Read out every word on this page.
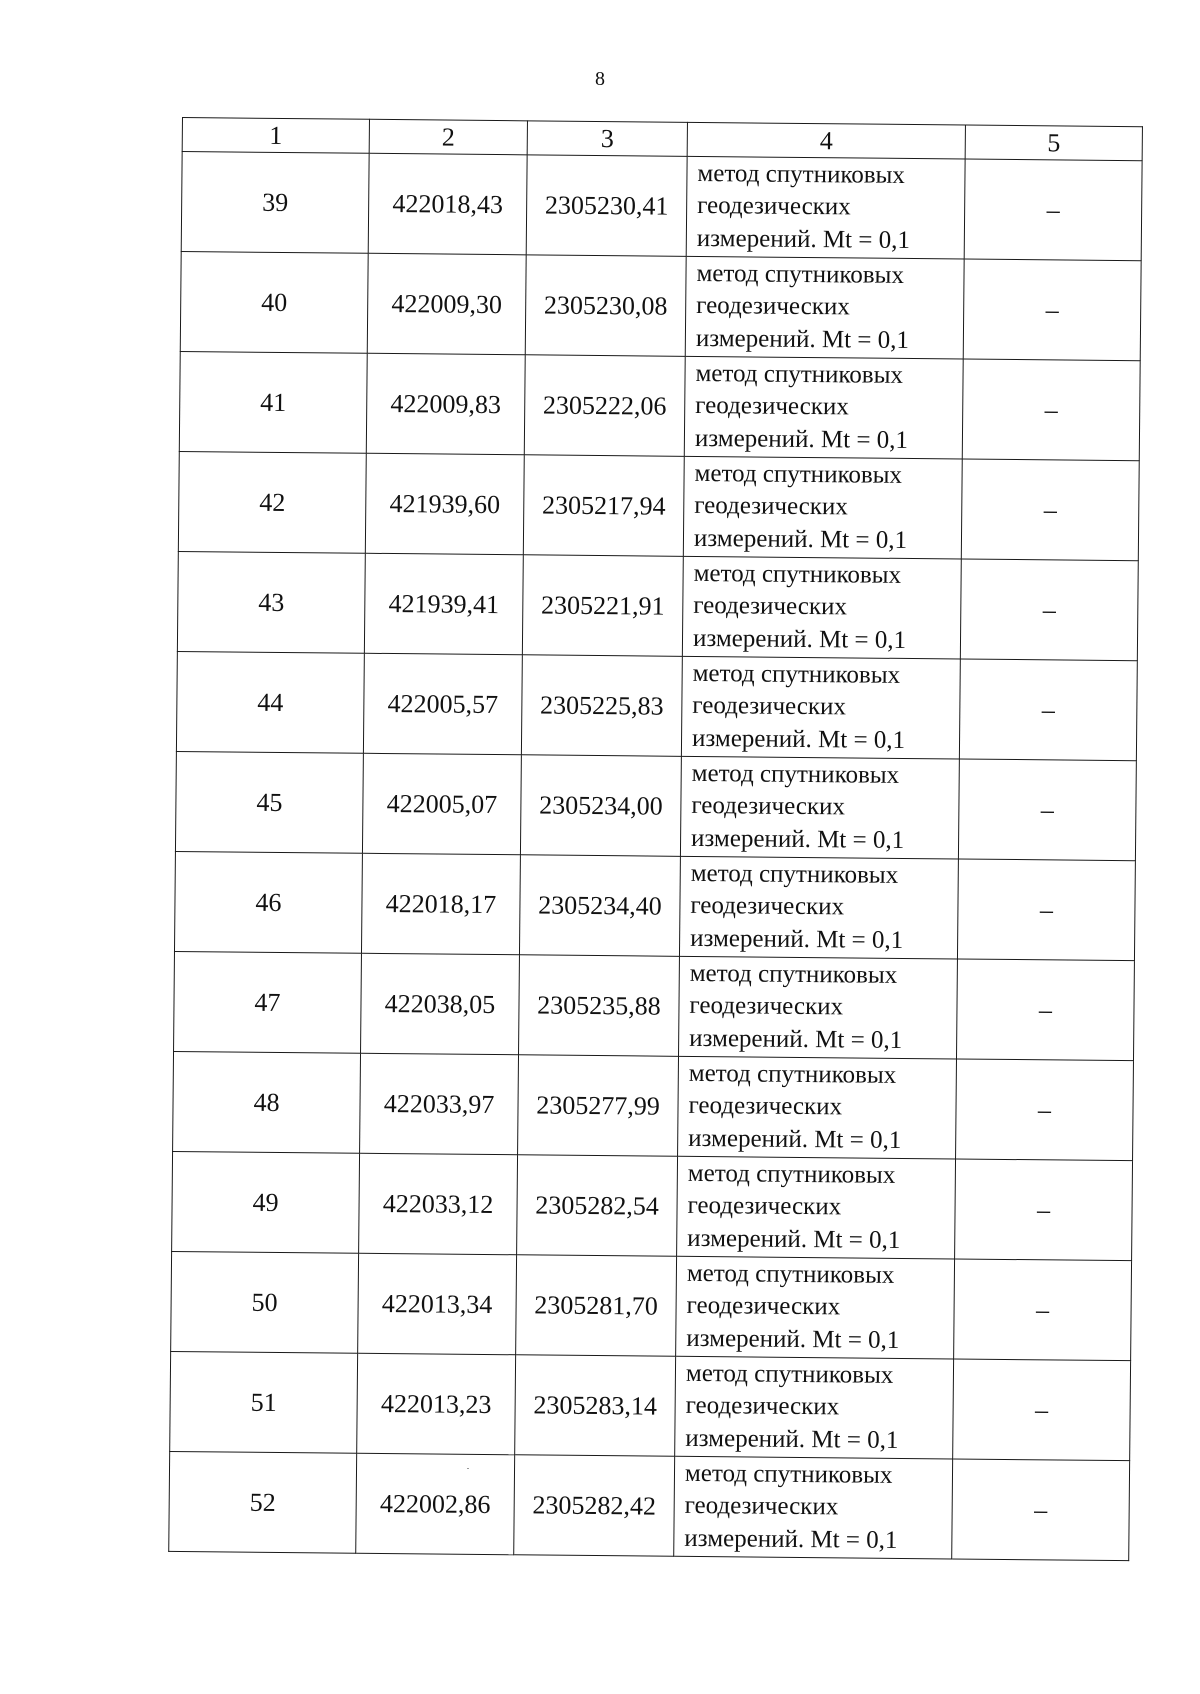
8
1	2	3	4	5
39	422018,43	2305230,41	метод спутниковых
геодезических
измерений. Mt = 0,1	–
40	422009,30	2305230,08	метод спутниковых
геодезических
измерений. Mt = 0,1	–
41	422009,83	2305222,06	метод спутниковых
геодезических
измерений. Mt = 0,1	–
42	421939,60	2305217,94	метод спутниковых
геодезических
измерений. Mt = 0,1	–
43	421939,41	2305221,91	метод спутниковых
геодезических
измерений. Mt = 0,1	–
44	422005,57	2305225,83	метод спутниковых
геодезических
измерений. Mt = 0,1	–
45	422005,07	2305234,00	метод спутниковых
геодезических
измерений. Mt = 0,1	–
46	422018,17	2305234,40	метод спутниковых
геодезических
измерений. Mt = 0,1	–
47	422038,05	2305235,88	метод спутниковых
геодезических
измерений. Mt = 0,1	–
48	422033,97	2305277,99	метод спутниковых
геодезических
измерений. Mt = 0,1	–
49	422033,12	2305282,54	метод спутниковых
геодезических
измерений. Mt = 0,1	–
50	422013,34	2305281,70	метод спутниковых
геодезических
измерений. Mt = 0,1	–
51	422013,23	2305283,14	метод спутниковых
геодезических
измерений. Mt = 0,1	–
52	422002,86	2305282,42	метод спутниковых
геодезических
измерений. Mt = 0,1	–
